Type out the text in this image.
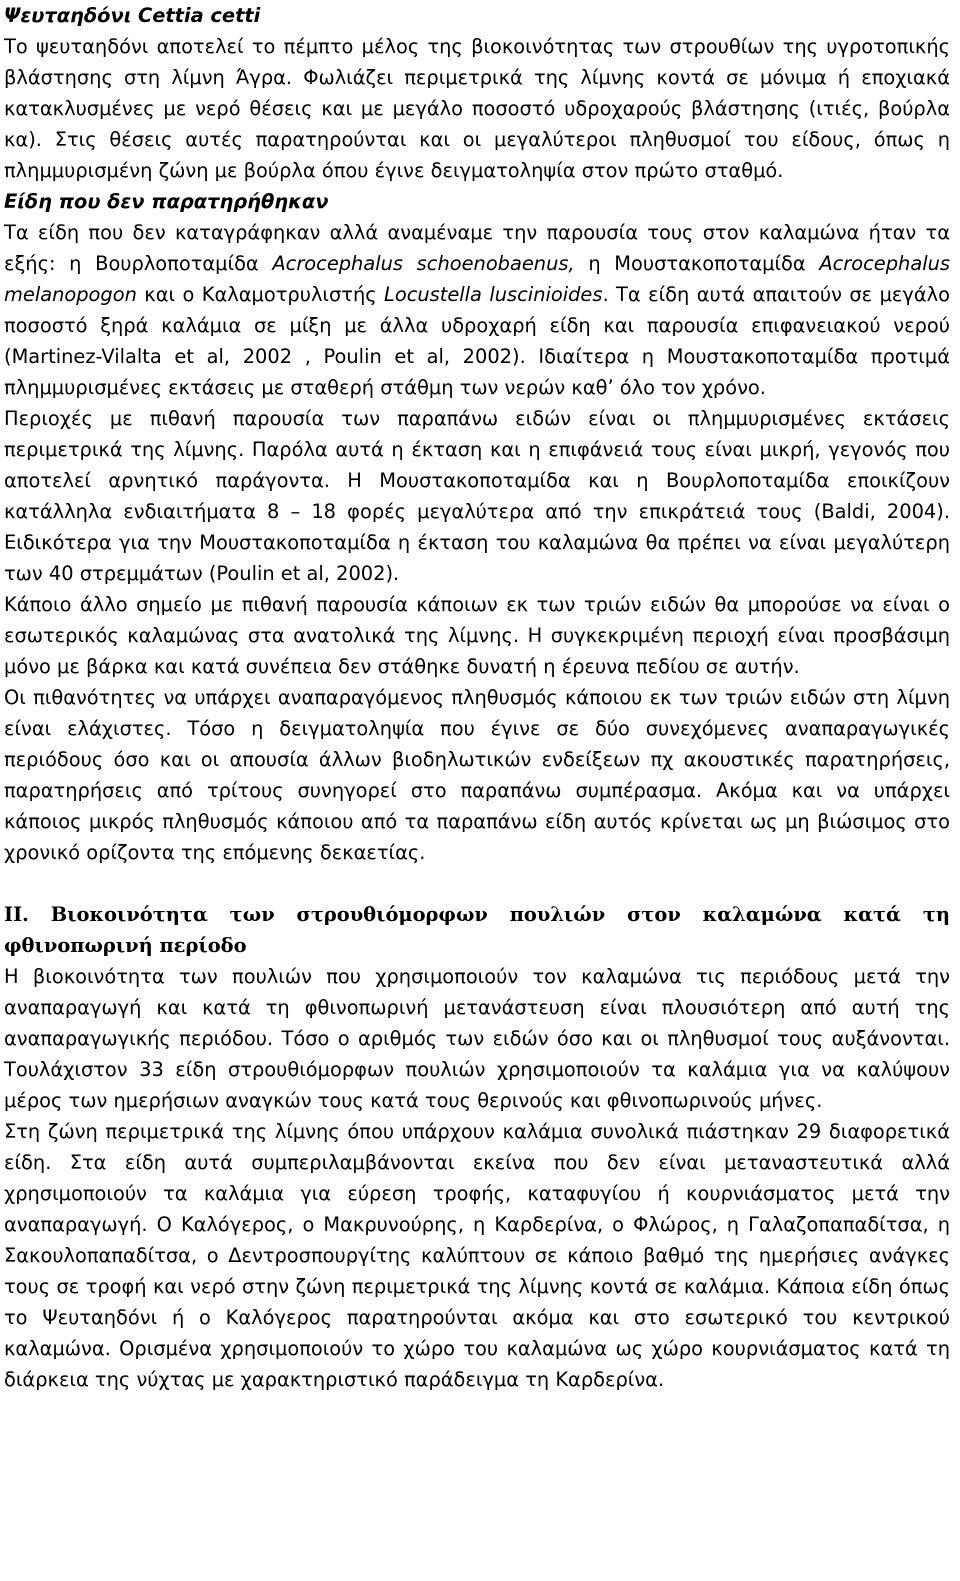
Ψευταηδόνι Cettia cetti

Το ψευταηδόνι αποτελεί το πέμπτο μέλος της βιοκοινότητας των στρουθίων της υγροτοπικής βλάστησης στη λίμνη Άγρα. Φωλιάζει περιμετρικά της λίμνης κοντά σε μόνιμα ή εποχιακά κατακλυσμένες με νερό θέσεις και με μεγάλο ποσοστό υδροχαρούς βλάστησης (ιτιές, βούρλα κα). Στις θέσεις αυτές παρατηρούνται και οι μεγαλύτεροι πληθυσμοί του είδους, όπως η πλημμυρισμένη ζώνη με βούρλα όπου έγινε δειγματοληψία στον πρώτο σταθμό.

Είδη που δεν παρατηρήθηκαν

Τα είδη που δεν καταγράφηκαν αλλά αναμέναμε την παρουσία τους στον καλαμώνα ήταν τα εξής: η Βουρλοποταμίδα Acrocephalus schoenobaenus, η Μουστακοποταμίδα Acrocephalus melanopogon και ο Καλαμοτρυλιστής Locustella luscinioides. Τα είδη αυτά απαιτούν σε μεγάλο ποσοστό ξηρά καλάμια σε μίξη με άλλα υδροχαρή είδη και παρουσία επιφανειακού νερού (Martinez-Vilalta et al, 2002 , Poulin et al, 2002). Ιδιαίτερα η Μουστακοποταμίδα προτιμά πλημμυρισμένες εκτάσεις με σταθερή στάθμη των νερών καθ’ όλο τον χρόνο.

Περιοχές με πιθανή παρουσία των παραπάνω ειδών είναι οι πλημμυρισμένες εκτάσεις περιμετρικά της λίμνης. Παρόλα αυτά η έκταση και η επιφάνειά τους είναι μικρή, γεγονός που αποτελεί αρνητικό παράγοντα. Η Μουστακοποταμίδα και η Βουρλοποταμίδα εποικίζουν κατάλληλα ενδιαιτήματα 8 – 18 φορές μεγαλύτερα από την επικράτειά τους (Baldi, 2004). Ειδικότερα για την Μουστακοποταμίδα η έκταση του καλαμώνα θα πρέπει να είναι μεγαλύτερη των 40 στρεμμάτων (Poulin et al, 2002).

Κάποιο άλλο σημείο με πιθανή παρουσία κάποιων εκ των τριών ειδών θα μπορούσε να είναι ο εσωτερικός καλαμώνας στα ανατολικά της λίμνης. Η συγκεκριμένη περιοχή είναι προσβάσιμη μόνο με βάρκα και κατά συνέπεια δεν στάθηκε δυνατή η έρευνα πεδίου σε αυτήν.

Οι πιθανότητες να υπάρχει αναπαραγόμενος πληθυσμός κάποιου εκ των τριών ειδών στη λίμνη είναι ελάχιστες. Τόσο η δειγματοληψία που έγινε σε δύο συνεχόμενες αναπαραγωγικές περιόδους όσο και οι απουσία άλλων βιοδηλωτικών ενδείξεων πχ ακουστικές παρατηρήσεις, παρατηρήσεις από τρίτους συνηγορεί στο παραπάνω συμπέρασμα. Ακόμα και να υπάρχει κάποιος μικρός πληθυσμός κάποιου από τα παραπάνω είδη αυτός κρίνεται ως μη βιώσιμος στο χρονικό ορίζοντα της επόμενης δεκαετίας.

II. Βιοκοινότητα των στρουθιόμορφων πουλιών στον καλαμώνα κατά τη φθινοπωρινή περίοδο

Η βιοκοινότητα των πουλιών που χρησιμοποιούν τον καλαμώνα τις περιόδους μετά την αναπαραγωγή και κατά τη φθινοπωρινή μετανάστευση είναι πλουσιότερη από αυτή της αναπαραγωγικής περιόδου. Τόσο ο αριθμός των ειδών όσο και οι πληθυσμοί τους αυξάνονται. Τουλάχιστον 33 είδη στρουθιόμορφων πουλιών χρησιμοποιούν τα καλάμια για να καλύψουν μέρος των ημερήσιων αναγκών τους κατά τους θερινούς και φθινοπωρινούς μήνες.

Στη ζώνη περιμετρικά της λίμνης όπου υπάρχουν καλάμια συνολικά πιάστηκαν 29 διαφορετικά είδη. Στα είδη αυτά συμπεριλαμβάνονται εκείνα που δεν είναι μεταναστευτικά αλλά χρησιμοποιούν τα καλάμια για εύρεση τροφής, καταφυγίου ή κουρνιάσματος μετά την αναπαραγωγή. Ο Καλόγερος, ο Μακρυνούρης, η Καρδερίνα, ο Φλώρος, η Γαλαζοπαπαδίτσα, η Σακουλοπαπαδίτσα, ο Δεντροσπουργίτης καλύπτουν σε κάποιο βαθμό της ημερήσιες ανάγκες τους σε τροφή και νερό στην ζώνη περιμετρικά της λίμνης κοντά σε καλάμια. Κάποια είδη όπως το Ψευταηδόνι ή ο Καλόγερος παρατηρούνται ακόμα και στο εσωτερικό του κεντρικού καλαμώνα. Ορισμένα χρησιμοποιούν το χώρο του καλαμώνα ως χώρο κουρνιάσματος κατά τη διάρκεια της νύχτας με χαρακτηριστικό παράδειγμα τη Καρδερίνα.
